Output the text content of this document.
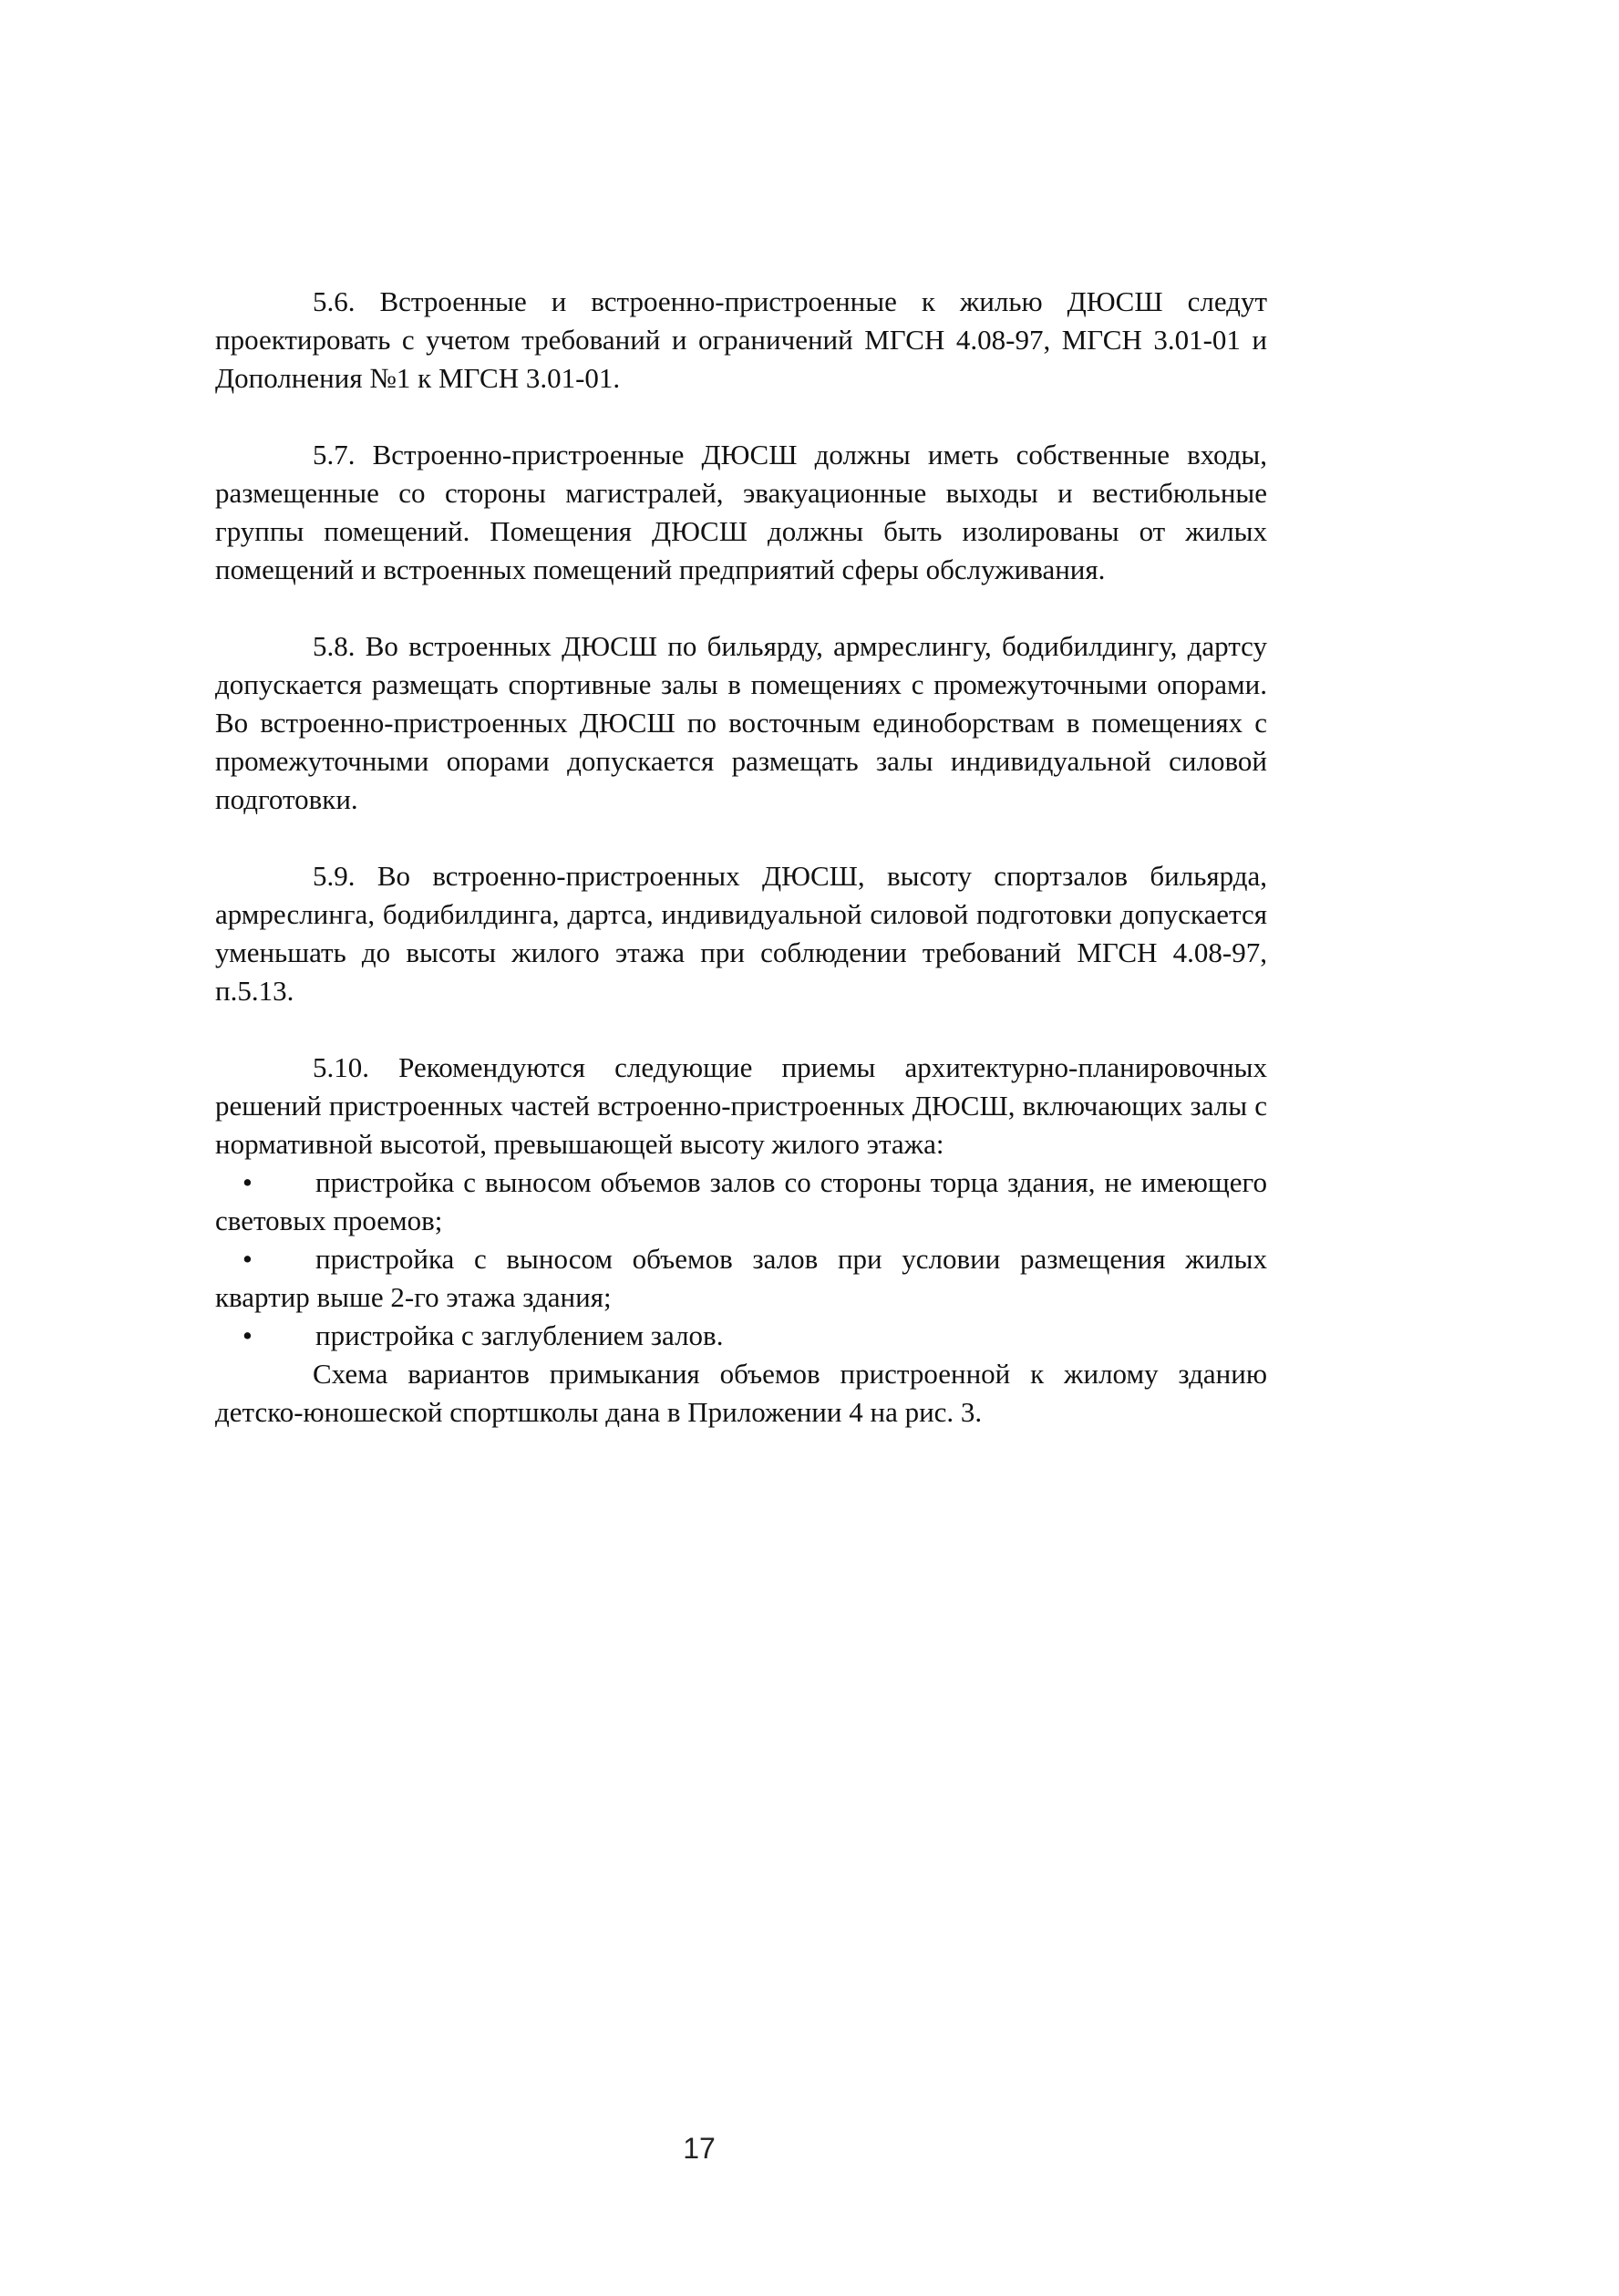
5.6. Встроенные и встроенно-пристроенные к жилью ДЮСШ следут проектировать с учетом требований и ограничений МГСН 4.08-97, МГСН 3.01-01 и Дополнения №1 к МГСН 3.01-01.

5.7. Встроенно-пристроенные ДЮСШ должны иметь собственные входы, размещенные со стороны магистралей, эвакуационные выходы и вестибюльные группы помещений. Помещения ДЮСШ должны быть изолированы от жилых помещений и встроенных помещений предприятий сферы обслуживания.

5.8. Во встроенных ДЮСШ по бильярду, армреслингу, бодибилдингу, дартсу допускается размещать спортивные залы в помещениях с промежуточными опорами. Во встроенно-пристроенных ДЮСШ по восточным единоборствам в помещениях с промежуточными опорами допускается размещать залы индивидуальной силовой подготовки.

5.9. Во встроенно-пристроенных ДЮСШ, высоту спортзалов бильярда, армреслинга, бодибилдинга, дартса, индивидуальной силовой подготовки допускается уменьшать до высоты жилого этажа при соблюдении требований МГСН 4.08-97, п.5.13.

5.10. Рекомендуются следующие приемы архитектурно-планировочных решений пристроенных частей встроенно-пристроенных ДЮСШ, включающих залы с нормативной высотой, превышающей высоту жилого этажа:

• пристройка с выносом объемов залов со стороны торца здания, не имеющего световых проемов;

• пристройка с выносом объемов залов при условии размещения жилых квартир выше 2-го этажа здания;

• пристройка с заглублением залов.

Схема вариантов примыкания объемов пристроенной к жилому зданию детско-юношеской спортшколы дана в Приложении 4 на рис. 3.

17
